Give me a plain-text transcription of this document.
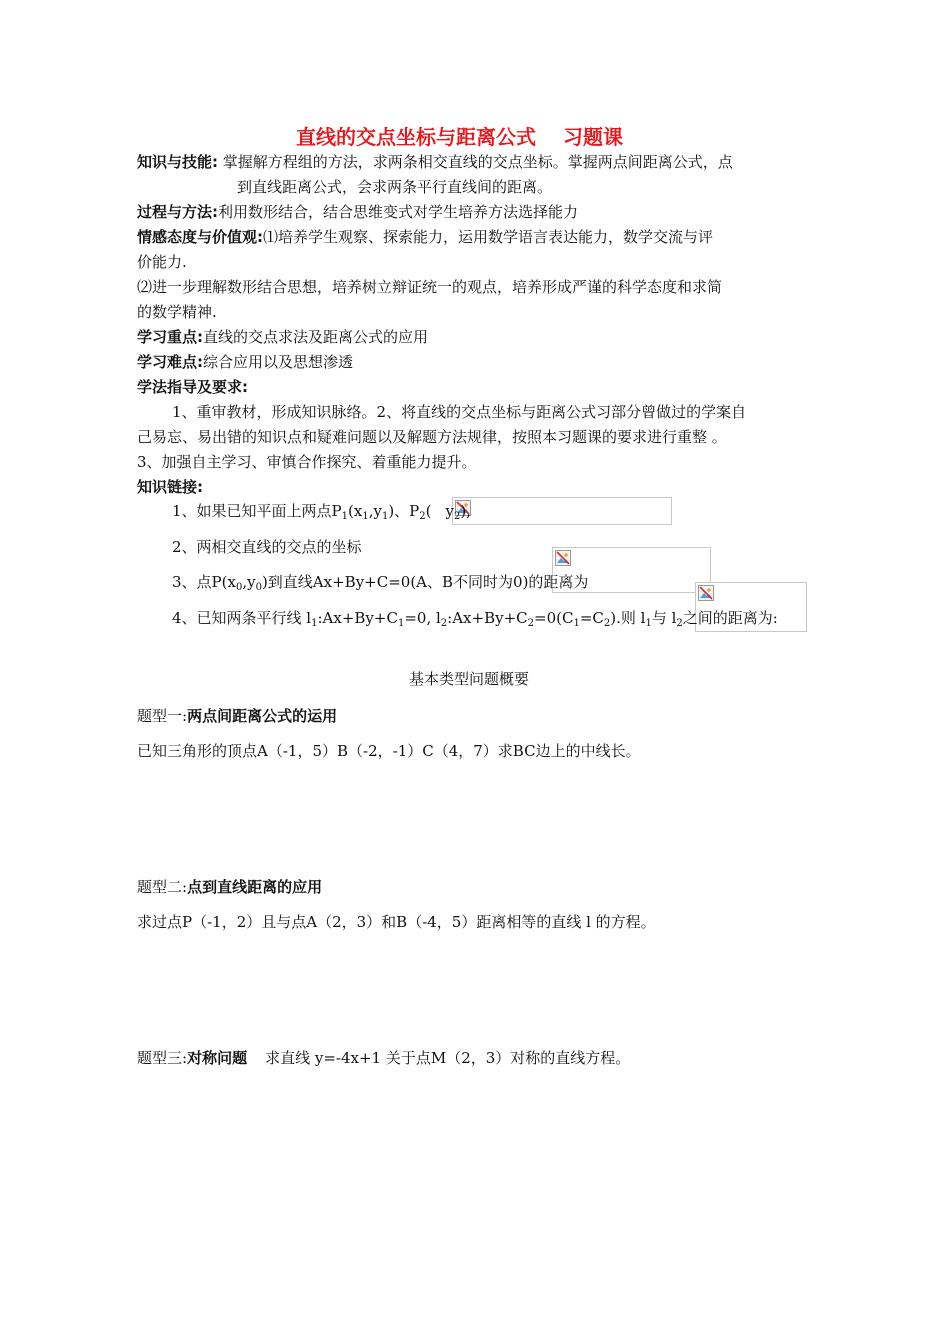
直线的交点坐标与距离公式　 习题课
知识与技能: 掌握解方程组的方法，求两条相交直线的交点坐标。掌握两点间距离公式，点
到直线距离公式，会求两条平行直线间的距离。
过程与方法:利用数形结合，结合思维变式对学生培养方法选择能力
情感态度与价值观:⑴培养学生观察、探索能力，运用数学语言表达能力，数学交流与评
价能力.
⑵进一步理解数形结合思想，培养树立辩证统一的观点，培养形成严谨的科学态度和求简
的数学精神.
学习重点:直线的交点求法及距离公式的应用
学习难点:综合应用以及思想渗透
学法指导及要求:
1、重审教材，形成知识脉络。2、将直线的交点坐标与距离公式习部分曾做过的学案自
己易忘、易出错的知识点和疑难问题以及解题方法规律，按照本习题课的要求进行重整 。
3、加强自主学习、审慎合作探究、着重能力提升。
知识链接:
1、如果已知平面上两点$P_1(x_1,y_1)$、$P_2$( $y_2$),
2、两相交直线的交点的坐标
3、点$P(x_0,y_0)$到直线Ax+By+C=0(A、B不同时为0)的距离为
4、已知两条平行线 $l_1:Ax+By+C_1=0$, $l_2:Ax+By+C_2=0(C_1=C_2)$.则 $l_1$与 $l_2$之间的距离为:
基本类型问题概要
题型一:两点间距离公式的运用
已知三角形的顶点A（-1，5）B（-2，-1）C（4，7）求BC边上的中线长。
题型二:点到直线距离的应用
求过点P（-1，2）且与点A（2，3）和B（-4，5）距离相等的直线 l 的方程。
题型三:对称问题 求直线 y=-4x+1 关于点M（2，3）对称的直线方程。
